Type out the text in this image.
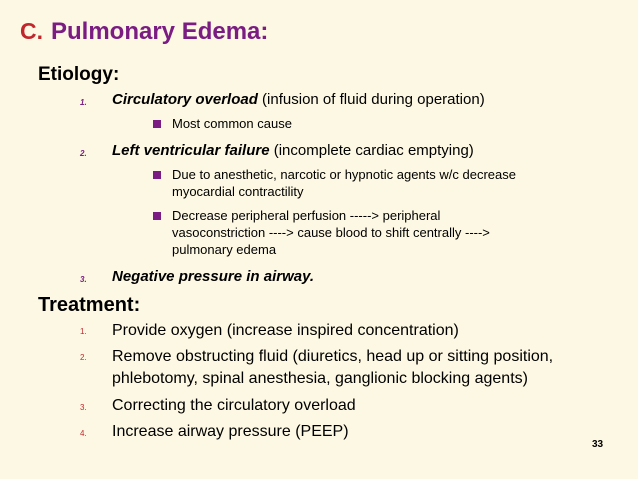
C. Pulmonary Edema:
Etiology:
1. Circulatory overload (infusion of fluid during operation)
Most common cause
2. Left ventricular failure (incomplete cardiac emptying)
Due to anesthetic, narcotic or hypnotic agents w/c decrease
myocardial contractility
Decrease peripheral perfusion -----> peripheral
vasoconstriction ----> cause blood to shift centrally ---->
pulmonary edema
3. Negative pressure in airway.
Treatment:
1. Provide oxygen (increase inspired concentration)
2. Remove obstructing fluid (diuretics, head up or sitting position,
phlebotomy, spinal anesthesia, ganglionic blocking agents)
3. Correcting the circulatory overload
4. Increase airway pressure (PEEP)
33
